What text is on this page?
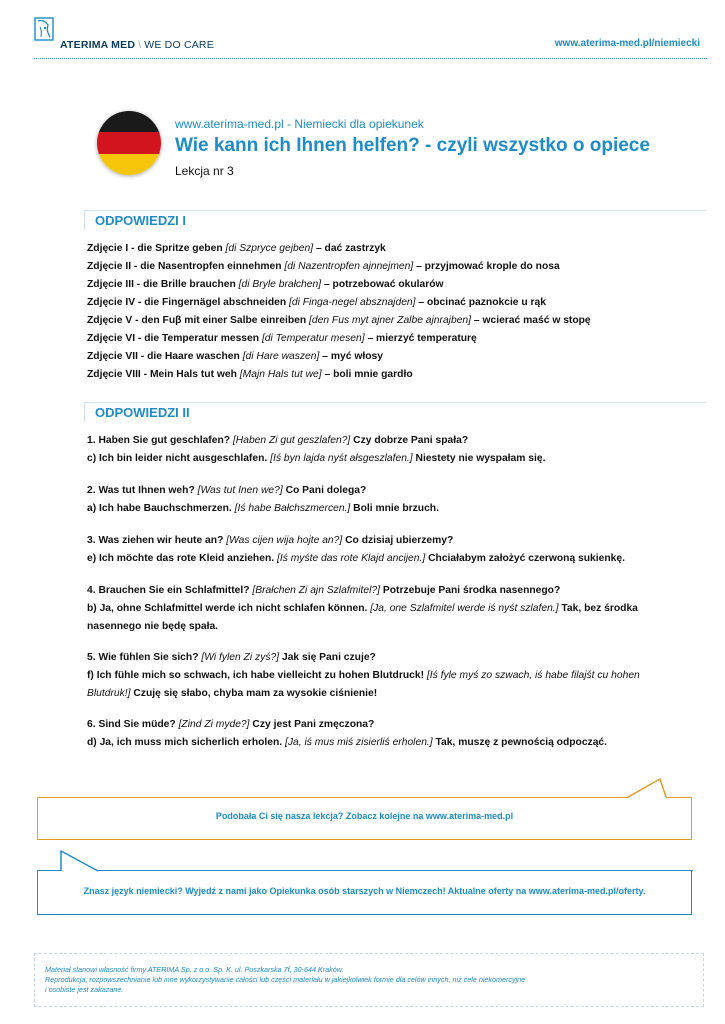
ATERIMA MED \ WE DO CARE	www.aterima-med.pl/niemiecki
www.aterima-med.pl - Niemiecki dla opiekunek
Wie kann ich Ihnen helfen? - czyli wszystko o opiece
Lekcja nr 3
ODPOWIEDZI I
Zdjęcie I - die Spritze geben [di Szpryce gejben] – dać zastrzyk
Zdjęcie II - die Nasentropfen einnehmen [di Nazentropfen ajnnejmen] – przyjmować krople do nosa
Zdjęcie III - die Brille brauchen [di Bryle brałchen] – potrzebować okularów
Zdjęcie IV - die Fingernägel abschneiden [di Finga-negel absznajden] – obcinać paznokcie u rąk
Zdjęcie V - den Fuβ mit einer Salbe einreiben [den Fus myt ajner Zalbe ajnrajben] – wcierać maść w stopę
Zdjęcie VI - die Temperatur messen [di Temperatur mesen] – mierzyć temperaturę
Zdjęcie VII - die Haare waschen [di Hare waszen] – myć włosy
Zdjęcie VIII - Mein Hals tut weh [Majn Hals tut we] – boli mnie gardło
ODPOWIEDZI II

1. Haben Sie gut geschlafen? [Haben Zi gut geszlafen?] Czy dobrze Pani spała?

c) Ich bin leider nicht ausgeschlafen. [Iś byn lajda nyśt ałsgeszlafen.] Niestety nie wyspałam się.

2. Was tut Ihnen weh? [Was tut Inen we?] Co Pani dolega?

a) Ich habe Bauchschmerzen. [Iś habe Bałchszmercen.] Boli mnie brzuch.

3. Was ziehen wir heute an? [Was cijen wija hojte an?] Co dzisiaj ubierzemy?

e) Ich möchte das rote Kleid anziehen. [Iś myśte das rote Klajd ancijen.] Chciałabym założyć czerwoną sukienkę.

4. Brauchen Sie ein Schlafmittel? [Brałchen Zi ajn Szlafmitel?] Potrzebuje Pani środka nasennego?

b) Ja, ohne Schlafmittel werde ich nicht schlafen können. [Ja, one Szlafmitel werde iś nyśt szlafen.] Tak, bez środka nasennego nie będę spała.

5. Wie fühlen Sie sich? [Wi fylen Zi zyś?] Jak się Pani czuje?

f) Ich fühle mich so schwach, ich habe vielleicht zu hohen Blutdruck! [Iś fyle myś zo szwach, iś habe filajśt cu hohen Blutdruk!] Czuję się słabo, chyba mam za wysokie ciśnienie!

6. Sind Sie müde? [Zind Zi myde?] Czy jest Pani zmęczona?

d) Ja, ich muss mich sicherlich erholen. [Ja, iś mus miś zisierliś erholen.] Tak, muszę z pewnością odpocząć.

Podobała Ci się nasza lekcja? Zobacz kolejne na www.aterima-med.pl
Znasz język niemiecki? Wyjedź z nami jako Opiekunka osób starszych w Niemczech! Aktualne oferty na www.aterima-med.pl/oferty.
Materiał stanowi własność firmy ATERIMA Sp. z o.o. Sp. K. ul. Puszkarska 7f, 30-644 Kraków.
Reprodukcja, rozpowszechnianie lub inne wykorzystywanie całości lub części materiału w jakiejkolwiek formie dla celów innych, niż cele niekomercyjne
i osobiste jest zakazane.
